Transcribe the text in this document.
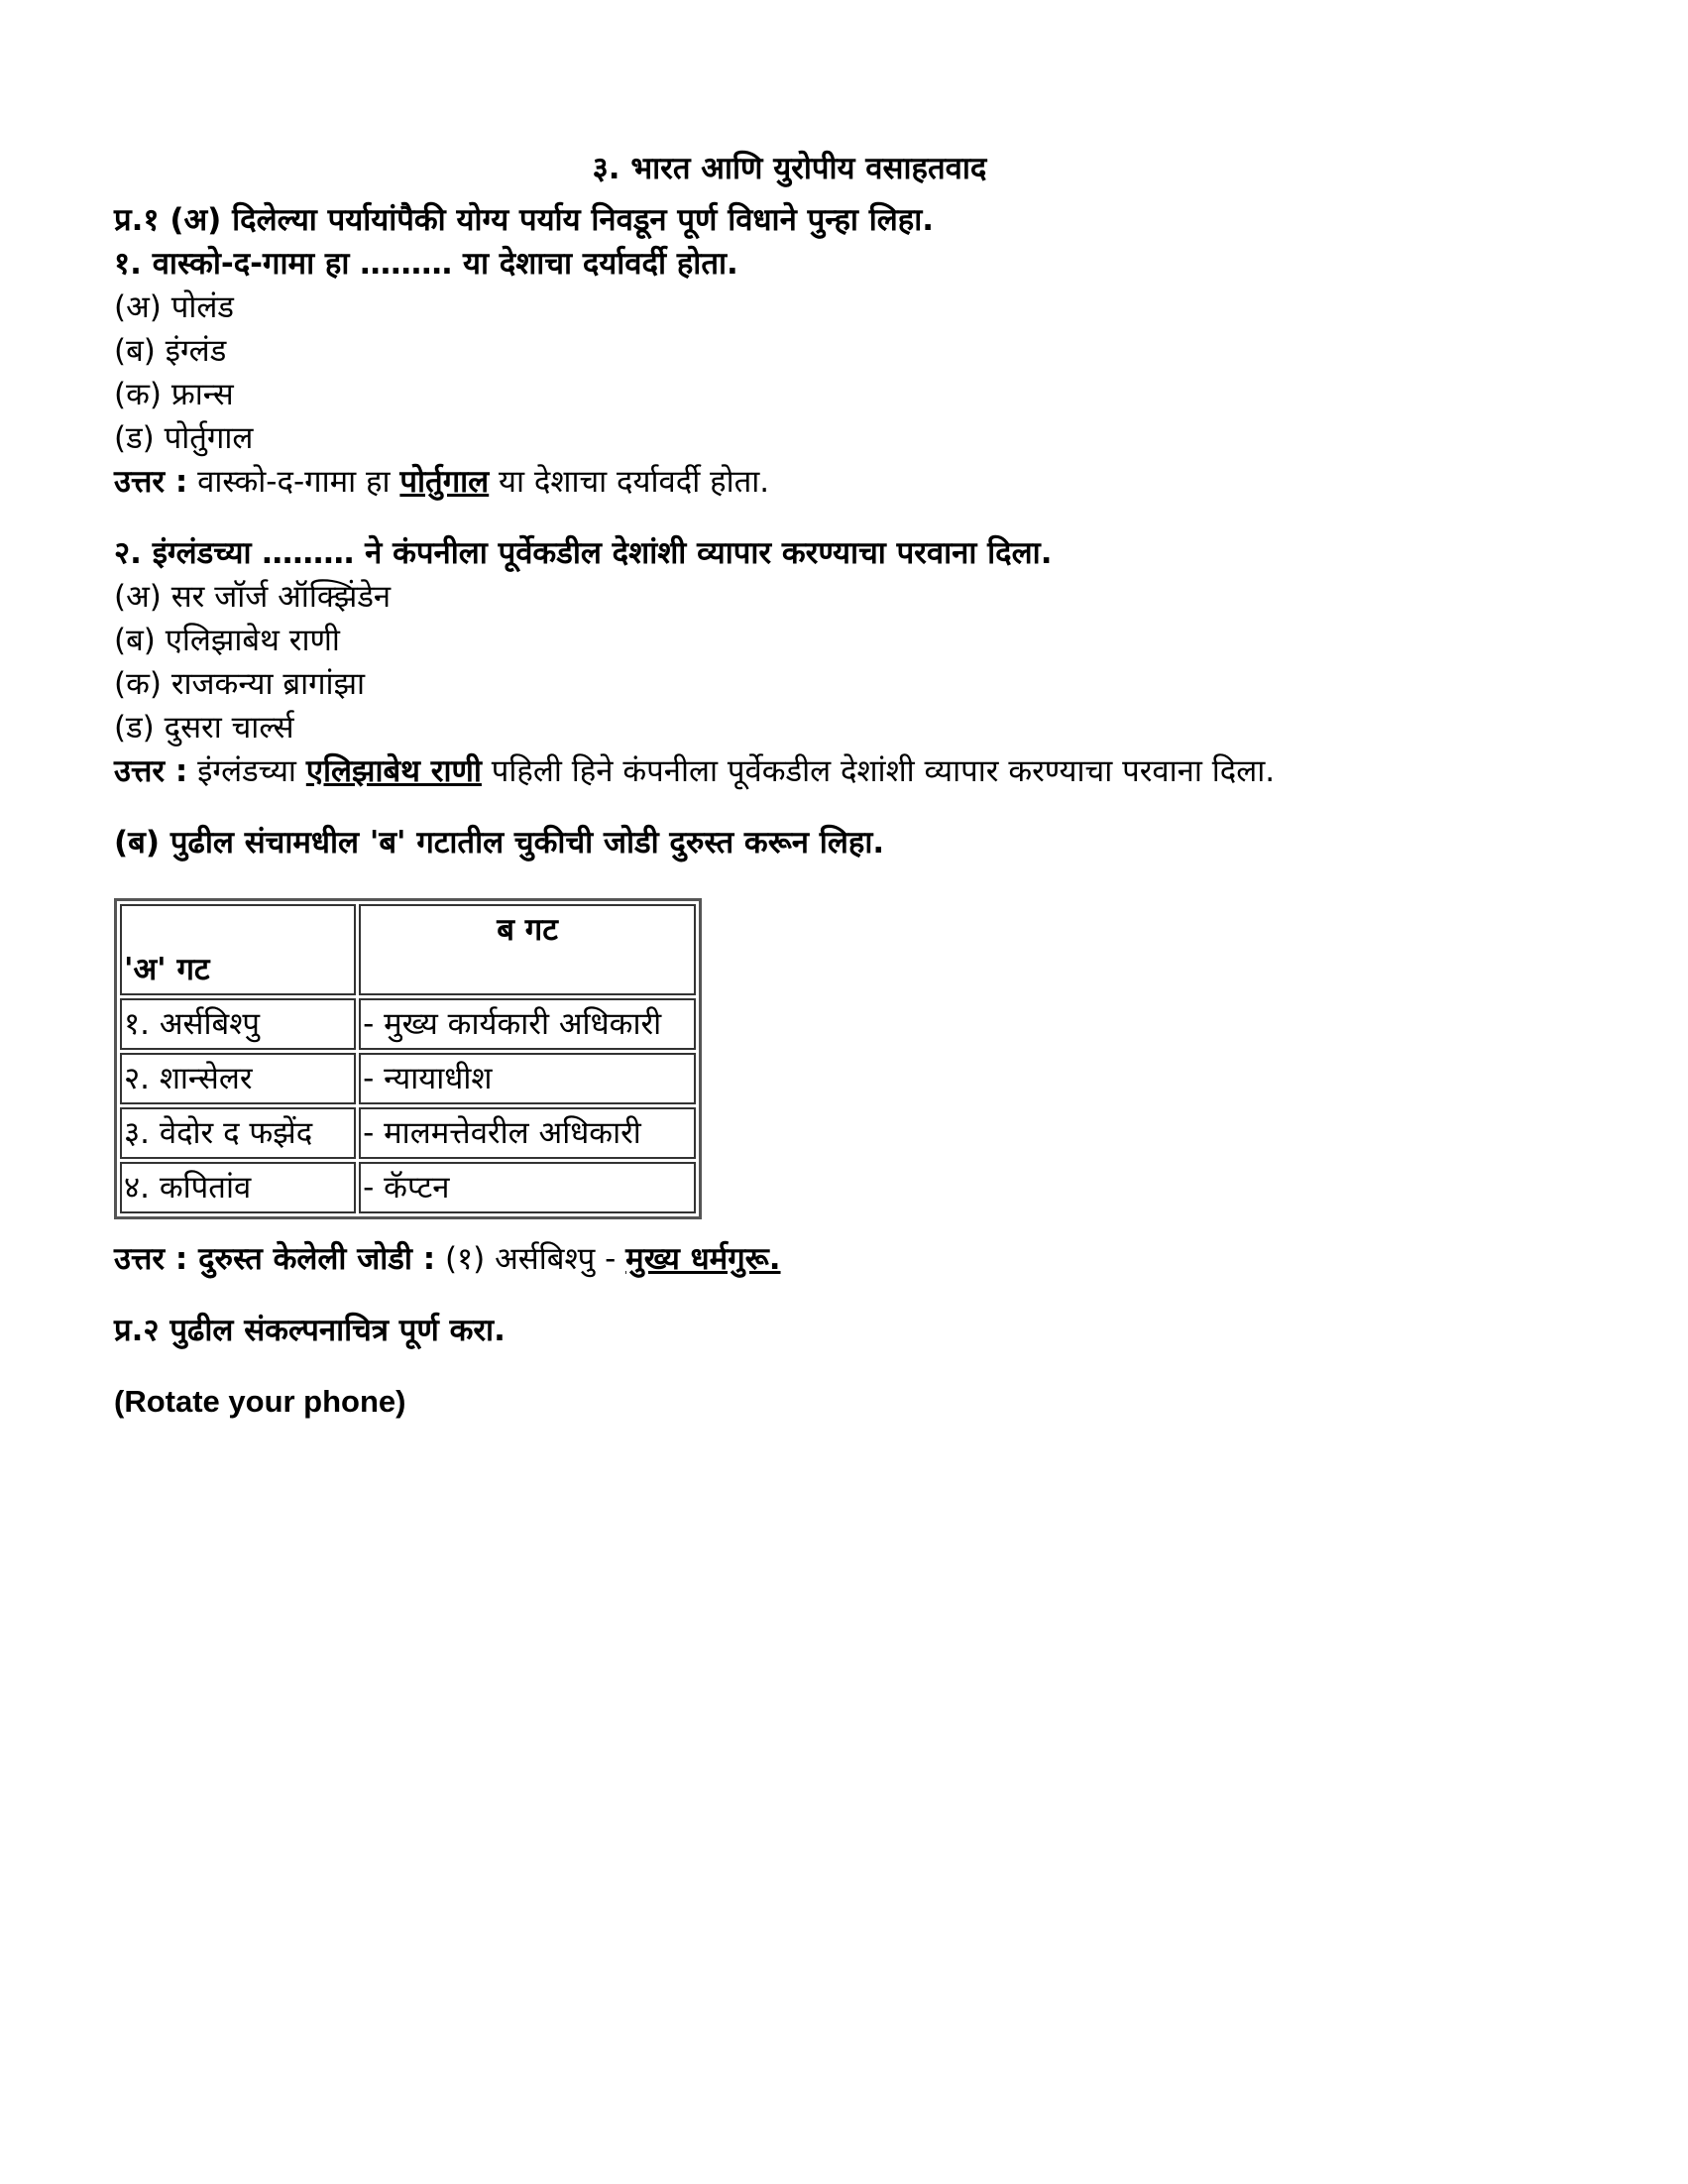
३. भारत आणि युरोपीय वसाहतवाद
प्र.१ (अ) दिलेल्या पर्यायांपैकी योग्य पर्याय निवडून पूर्ण विधाने पुन्हा लिहा.
१. वास्को-द-गामा हा ……… या देशाचा दर्यावर्दी होता.
(अ) पोलंड
(ब) इंग्लंड
(क) फ्रान्स
(ड) पोर्तुगाल
उत्तर : वास्को-द-गामा हा पोर्तुगाल या देशाचा दर्यावर्दी होता.
२. इंग्लंडच्या ……… ने कंपनीला पूर्वेकडील देशांशी व्यापार करण्याचा परवाना दिला.
(अ) सर जॉर्ज ऑक्झिंडेन
(ब) एलिझाबेथ राणी
(क) राजकन्या ब्रागांझा
(ड) दुसरा चार्ल्स
उत्तर : इंग्लंडच्या एलिझाबेथ राणी पहिली हिने कंपनीला पूर्वेकडील देशांशी व्यापार करण्याचा परवाना दिला.
(ब) पुढील संचामधील 'ब' गटातील चुकीची जोडी दुरुस्त करून लिहा.
'अ' गट	ब गट
१. अर्सबिश्पु	- मुख्य कार्यकारी अधिकारी
२. शान्सेलर	- न्यायाधीश
३. वेदोर द फझेंद	- मालमत्तेवरील अधिकारी
४. कपितांव	- कॅप्टन
उत्तर : दुरुस्त केलेली जोडी : (१) अर्सबिश्पु - मुख्य धर्मगुरू.
प्र.२ पुढील संकल्पनाचित्र पूर्ण करा.
(Rotate your phone)
